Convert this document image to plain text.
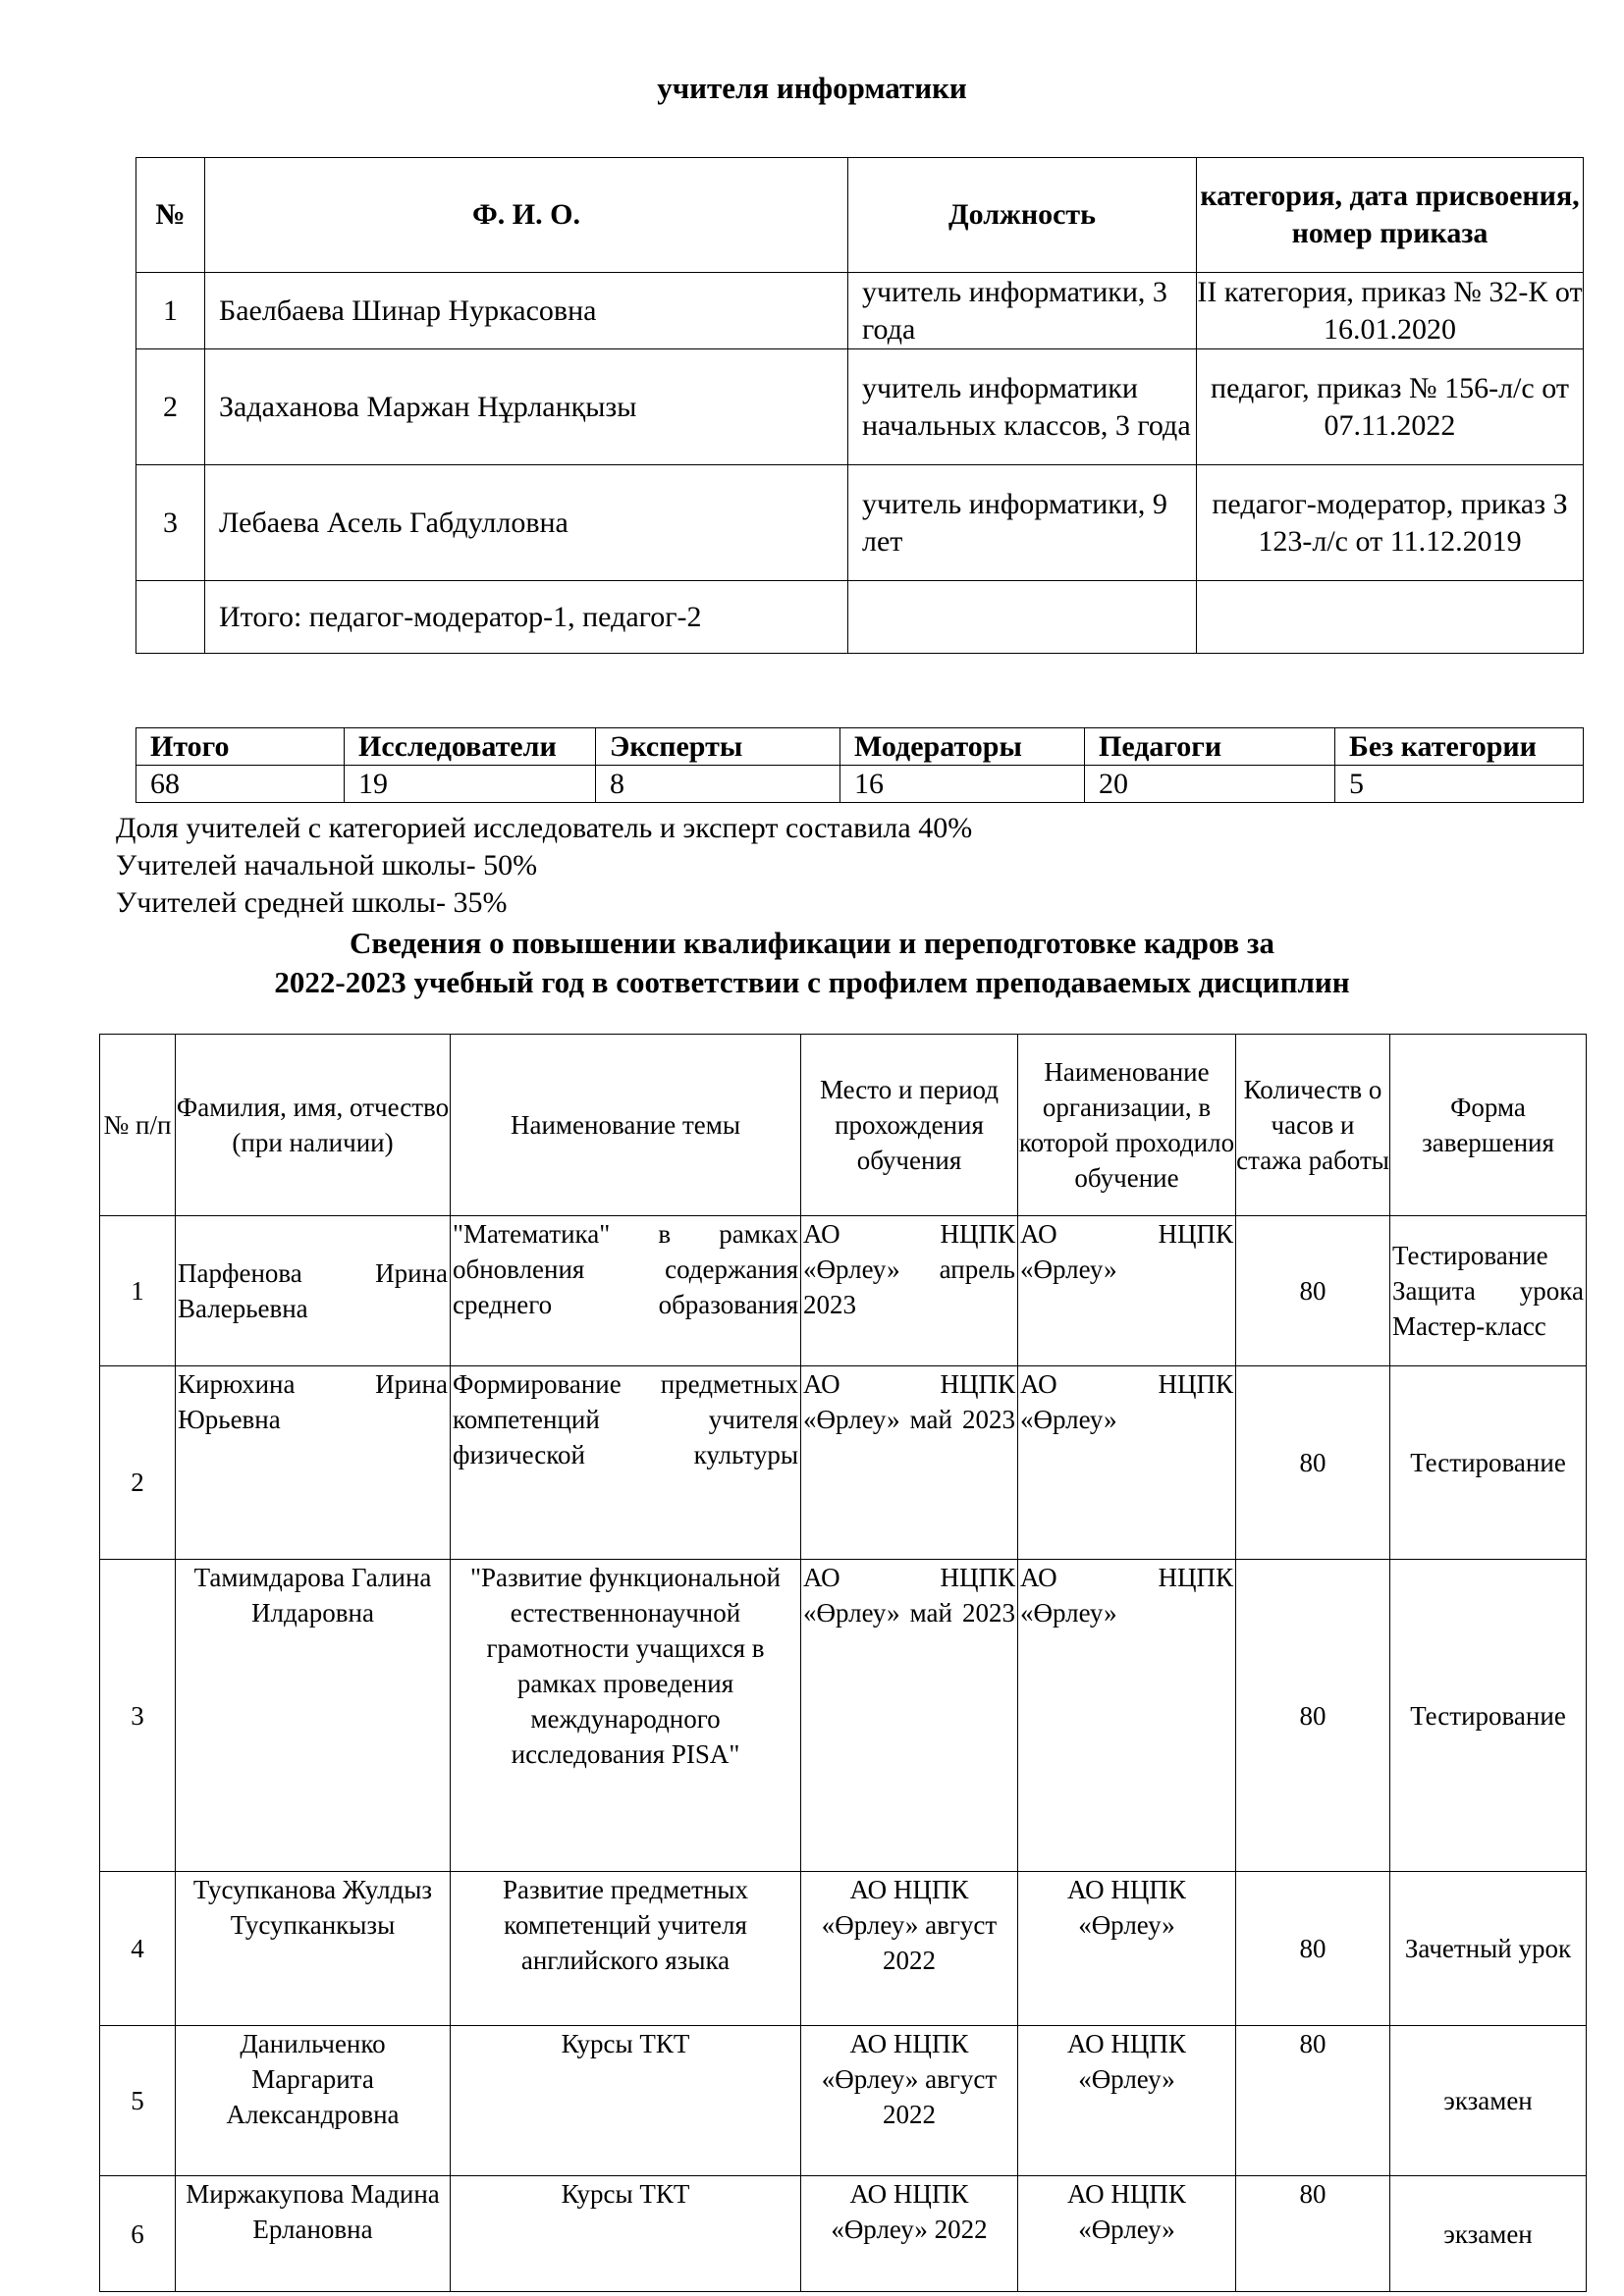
учителя информатики
№	Ф. И. О.	Должность	категория, дата присвоения, номер приказа
1	Баелбаева Шинар Нуркасовна	учитель информатики, 3 года	II категория, приказ № 32-К от 16.01.2020
2	Задаханова Маржан Нұрланқызы	учитель информатики начальных классов, 3 года	педагог, приказ № 156-л/с от 07.11.2022
3	Лебаева Асель Габдулловна	учитель информатики, 9 лет	педагог-модератор, приказ З 123-л/с от 11.12.2019
	Итого: педагог-модератор-1, педагог-2		
Итого	Исследователи	Эксперты	Модераторы	Педагоги	Без категории
68	19	8	16	20	5
Доля учителей с категорией исследователь и эксперт составила 40%
Учителей начальной школы- 50%
Учителей средней школы- 35%
Сведения о повышении квалификации и переподготовке кадров за
2022-2023 учебный год в соответствии с профилем преподаваемых дисциплин
№ п/п	Фамилия, имя, отчество (при наличии)	Наименование темы	Место и период прохождения обучения	Наименование организации, в которой проходило обучение	Количеств о часов и стажа работы	Форма завершения
1	Парфенова Ирина Валерьевна	"Математика" в рамках обновления содержания среднего образования	АО НЦПК «Өрлеу» апрель 2023	АО НЦПК «Өрлеу»	80	Тестирование Защита урока Мастер-класс
2	Кирюхина Ирина Юрьевна	Формирование предметных компетенций учителя физической культуры	АО НЦПК «Өрлеу» май 2023	АО НЦПК «Өрлеу»	80	Тестирование
3	Тамимдарова Галина Илдаровна	"Развитие функциональной естественнонаучной грамотности учащихся в рамках проведения международного исследования PISA"	АО НЦПК «Өрлеу» май 2023	АО НЦПК «Өрлеу»	80	Тестирование
4	Тусупканова Жулдыз Тусупканкызы	Развитие предметных компетенций учителя английского языка	АО НЦПК «Өрлеу» август 2022	АО НЦПК «Өрлеу»	80	Зачетный урок
5	Данильченко Маргарита Александровна	Курсы ТКТ	АО НЦПК «Өрлеу» август 2022	АО НЦПК «Өрлеу»	80	экзамен
6	Миржакупова Мадина Ерлановна	Курсы ТКТ	АО НЦПК «Өрлеу» 2022	АО НЦПК «Өрлеу»	80	экзамен
